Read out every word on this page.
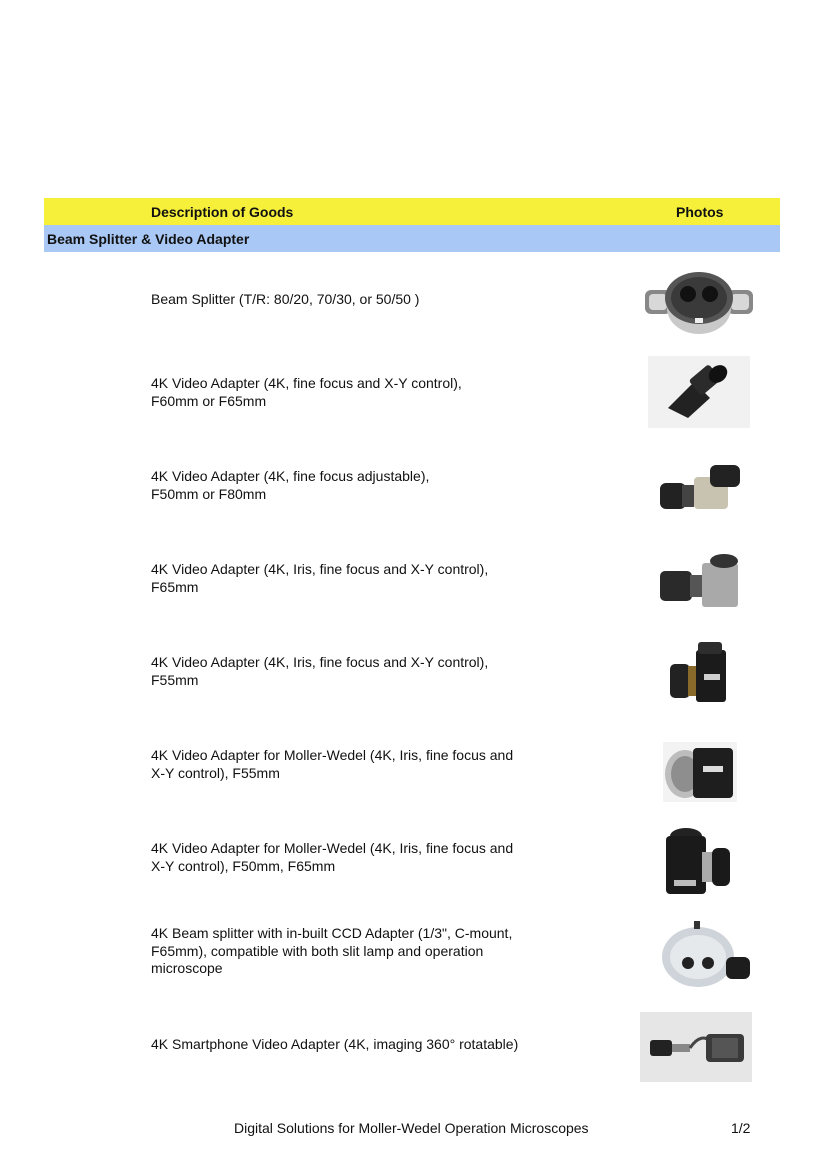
Description of Goods	Photos
Beam Splitter & Video Adapter
Beam Splitter (T/R: 80/20, 70/30, or 50/50 )
4K Video Adapter (4K, fine focus and X-Y control),
F60mm or F65mm
4K Video Adapter (4K, fine focus adjustable),
F50mm or F80mm
4K Video Adapter (4K, Iris, fine focus and X-Y control),
F65mm
4K Video Adapter (4K, Iris, fine focus and X-Y control),
F55mm
4K Video Adapter for Moller-Wedel (4K, Iris, fine focus and
X-Y control), F55mm
4K Video Adapter for Moller-Wedel (4K, Iris, fine focus and
X-Y control), F50mm, F65mm
4K Beam splitter with in-built CCD Adapter (1/3", C-mount,
F65mm), compatible with both slit lamp and operation
microscope
4K Smartphone Video Adapter (4K, imaging 360° rotatable)
Digital Solutions for Moller-Wedel Operation Microscopes	1/2
